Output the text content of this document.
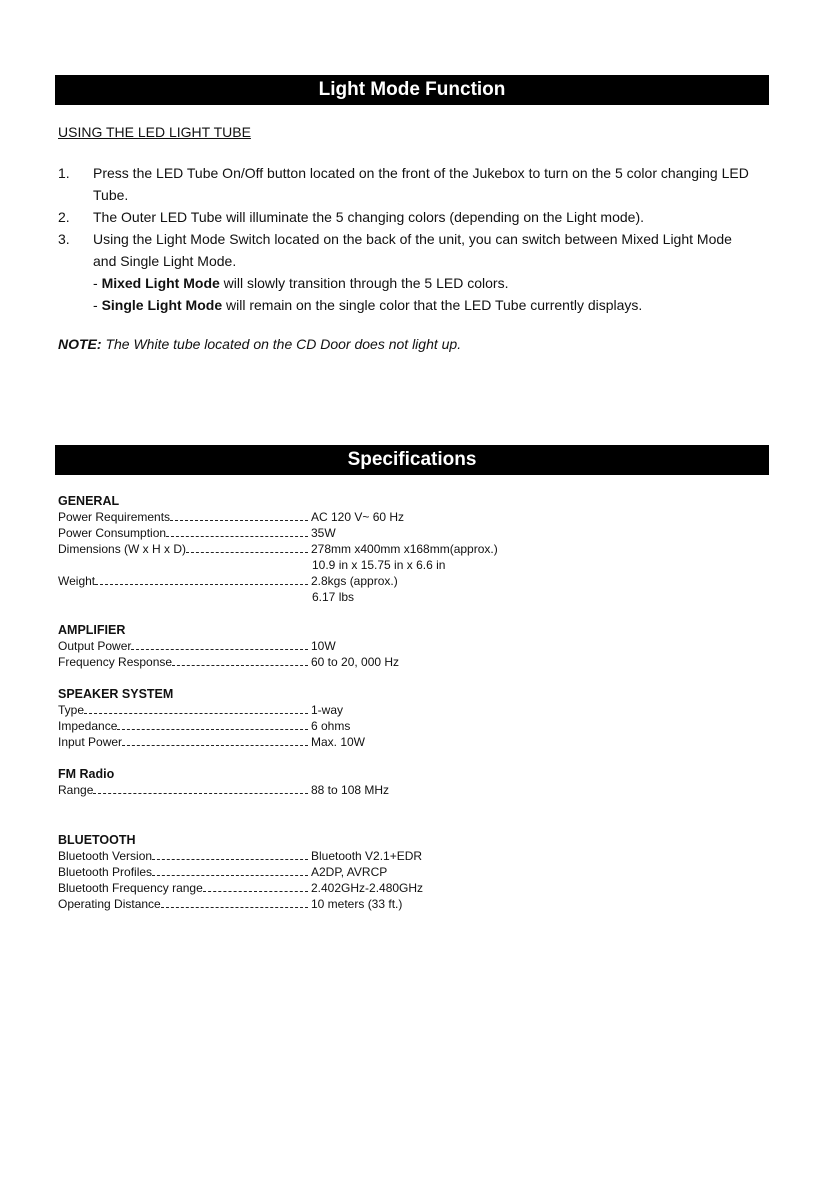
Light Mode Function
USING THE LED LIGHT TUBE
1.	Press the LED Tube On/Off button located on the front of the Jukebox to turn on the 5 color changing LED Tube.
2.	The Outer LED Tube will illuminate the 5 changing colors (depending on the Light mode).
3.	Using the Light Mode Switch located on the back of the unit, you can switch between Mixed Light Mode and Single Light Mode.
- Mixed Light Mode will slowly transition through the 5 LED colors.
- Single Light Mode will remain on the single color that the LED Tube currently displays.
NOTE: The White tube located on the CD Door does not light up.
Specifications
GENERAL
Power Requirements	AC 120 V~ 60 Hz
Power Consumption	35W
Dimensions (W x H x D)	278mm x400mm x168mm(approx.)
10.9 in x 15.75 in x 6.6 in
Weight	2.8kgs (approx.)
6.17 lbs
AMPLIFIER
Output Power	10W
Frequency Response	60 to 20, 000 Hz
SPEAKER SYSTEM
Type	1-way
Impedance	6 ohms
Input Power	Max. 10W
FM Radio
Range	88 to 108 MHz
BLUETOOTH
Bluetooth Version	Bluetooth V2.1+EDR
Bluetooth Profiles	A2DP, AVRCP
Bluetooth Frequency range	2.402GHz-2.480GHz
Operating Distance	10 meters (33 ft.)
